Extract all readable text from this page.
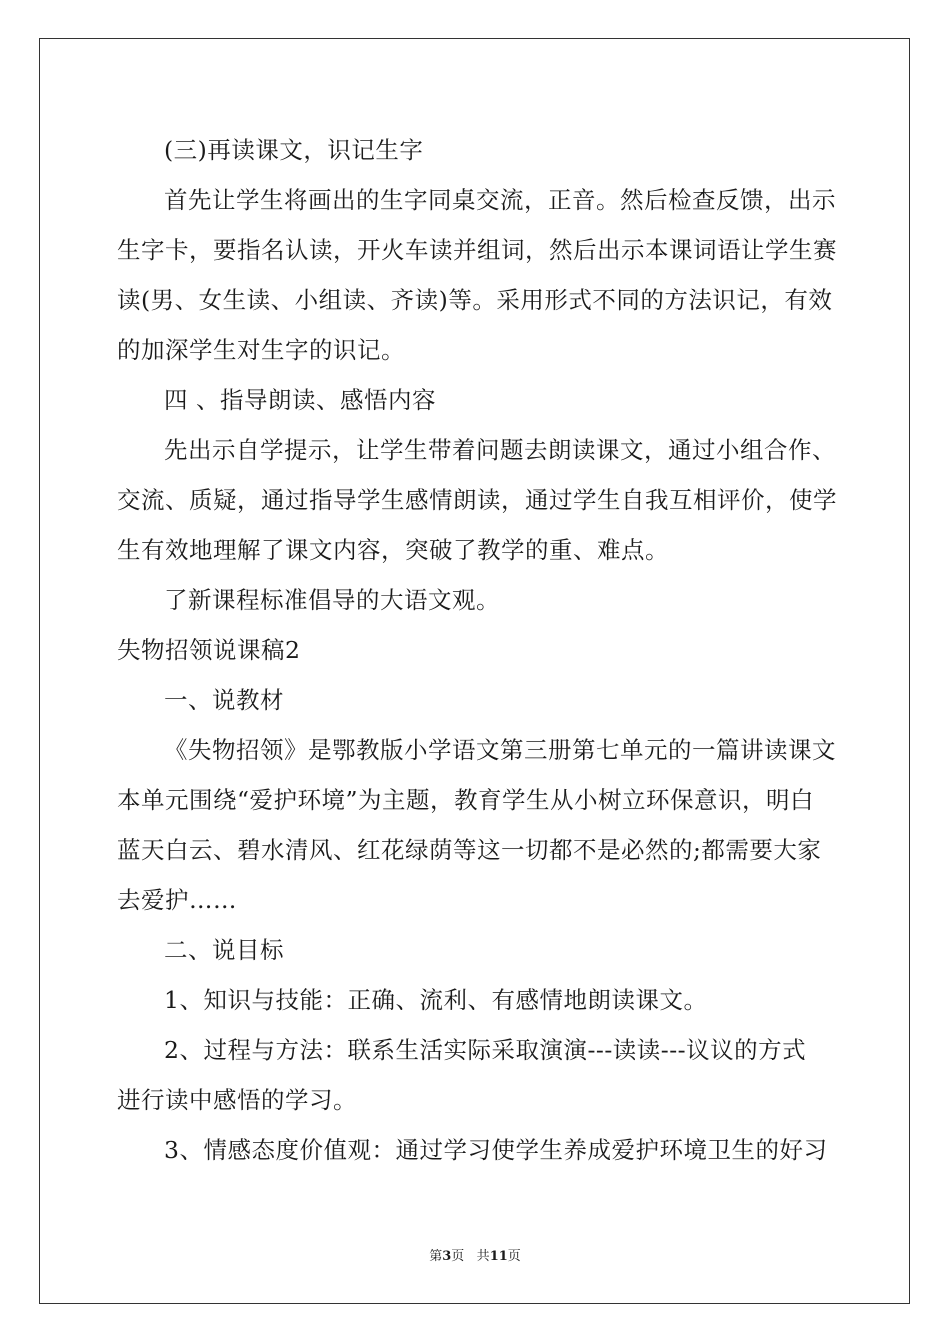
(三)再读课文，识记生字
首先让学生将画出的生字同桌交流，正音。然后检查反馈，出示
生字卡，要指名认读，开火车读并组词，然后出示本课词语让学生赛
读(男、女生读、小组读、齐读)等。采用形式不同的方法识记，有效
的加深学生对生字的识记。
四 、指导朗读、感悟内容
先出示自学提示，让学生带着问题去朗读课文，通过小组合作、
交流、质疑，通过指导学生感情朗读，通过学生自我互相评价，使学
生有效地理解了课文内容，突破了教学的重、难点。
了新课程标准倡导的大语文观。
失物招领说课稿2
一、说教材
《失物招领》是鄂教版小学语文第三册第七单元的一篇讲读课文
本单元围绕“爱护环境”为主题，教育学生从小树立环保意识，明白
蓝天白云、碧水清风、红花绿荫等这一切都不是必然的;都需要大家
去爱护……
二、说目标
1、知识与技能：正确、流利、有感情地朗读课文。
2、过程与方法：联系生活实际采取演演---读读---议议的方式
进行读中感悟的学习。
3、情感态度价值观：通过学习使学生养成爱护环境卫生的好习
第3页 共11页
